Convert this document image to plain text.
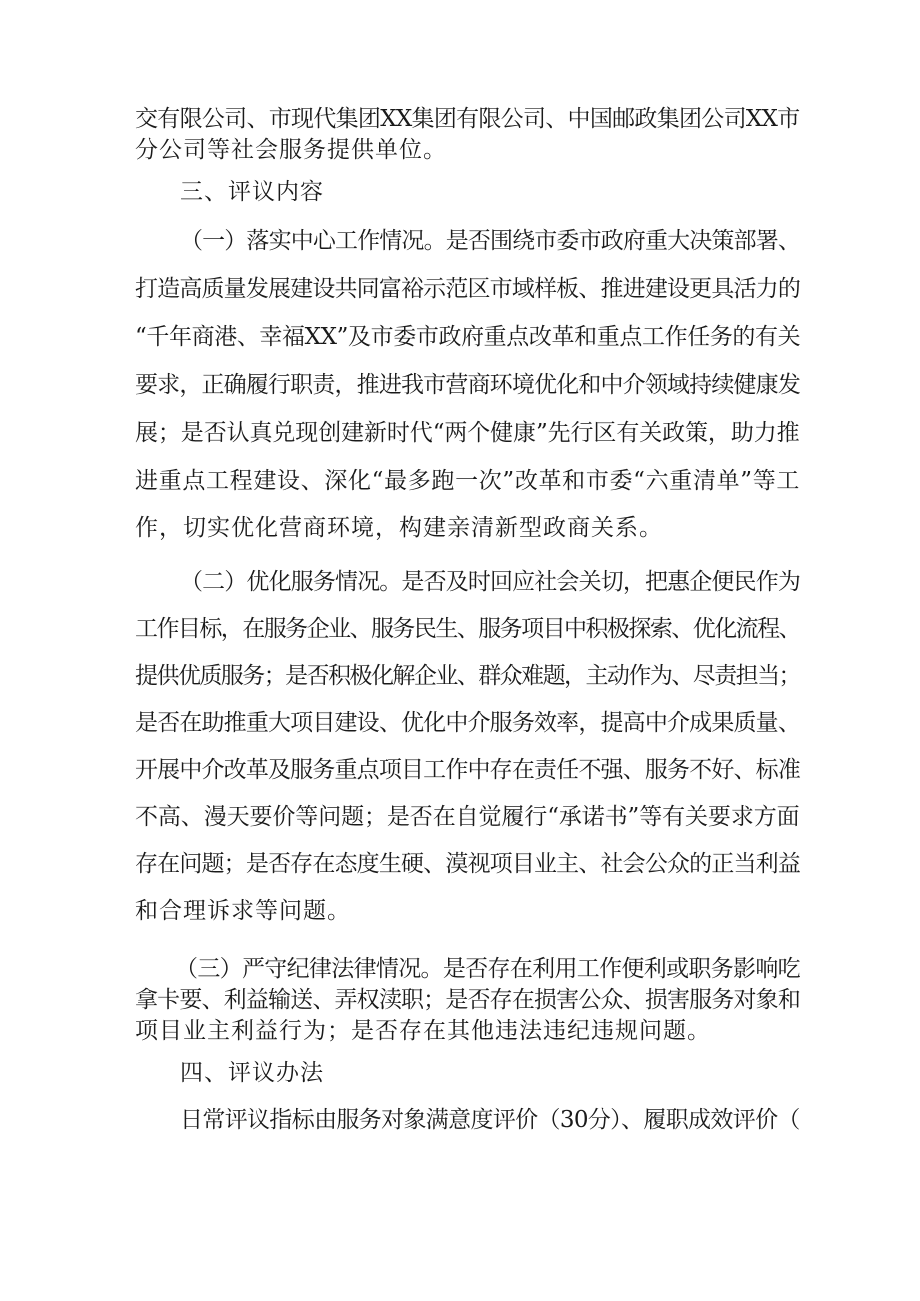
交有限公司、市现代集团XX集团有限公司、中国邮政集团公司XX市
分公司等社会服务提供单位。
三、评议内容
（一）落实中心工作情况。是否围绕市委市政府重大决策部署、
打造高质量发展建设共同富裕示范区市域样板、推进建设更具活力的
“千年商港、幸福XX”及市委市政府重点改革和重点工作任务的有关
要求，正确履行职责，推进我市营商环境优化和中介领域持续健康发
展；是否认真兑现创建新时代“两个健康”先行区有关政策，助力推
进重点工程建设、深化“最多跑一次”改革和市委“六重清单”等工
作，切实优化营商环境，构建亲清新型政商关系。
（二）优化服务情况。是否及时回应社会关切，把惠企便民作为
工作目标，在服务企业、服务民生、服务项目中积极探索、优化流程、
提供优质服务；是否积极化解企业、群众难题，主动作为、尽责担当；
是否在助推重大项目建设、优化中介服务效率，提高中介成果质量、
开展中介改革及服务重点项目工作中存在责任不强、服务不好、标准
不高、漫天要价等问题；是否在自觉履行“承诺书”等有关要求方面
存在问题；是否存在态度生硬、漠视项目业主、社会公众的正当利益
和合理诉求等问题。
（三）严守纪律法律情况。是否存在利用工作便利或职务影响吃
拿卡要、利益输送、弄权渎职；是否存在损害公众、损害服务对象和
项目业主利益行为；是否存在其他违法违纪违规问题。
四、评议办法
日常评议指标由服务对象满意度评价（30分）、履职成效评价（
